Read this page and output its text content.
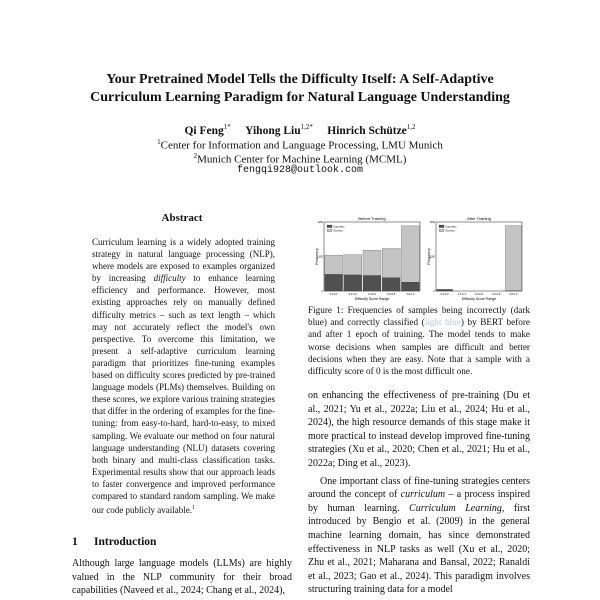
Your Pretrained Model Tells the Difficulty Itself: A Self-Adaptive
Curriculum Learning Paradigm for Natural Language Understanding
Qi Feng$^{1*}$ Yihong Liu$^{1,2*}$ Hinrich Schütze$^{1,2}$
$^1$Center for Information and Language Processing, LMU Munich
$^2$Munich Center for Machine Learning (MCML)
fengqi928@outlook.com
Abstract
Curriculum learning is a widely adopted training strategy in natural language processing (NLP), where models are exposed to examples organized by increasing difficulty to enhance learning efficiency and performance. However, most existing approaches rely on manually defined difficulty metrics – such as text length – which may not accurately reflect the model's own perspective. To overcome this limitation, we present a self-adaptive curriculum learning paradigm that prioritizes fine-tuning examples based on difficulty scores predicted by pre-trained language models (PLMs) themselves. Building on these scores, we explore various training strategies that differ in the ordering of examples for the fine-tuning: from easy-to-hard, hard-to-easy, to mixed sampling. We evaluate our method on four natural language understanding (NLU) datasets covering both binary and multi-class classification tasks. Experimental results show that our approach leads to faster convergence and improved performance compared to standard random sampling. We make our code publicly available.$^1$
1 Introduction
Although large language models (LLMs) are highly valued in the NLP community for their broad capabilities (Naveed et al., 2024; Chang et al., 2024),
Before Training
Difficulty Score Range
Frequency
Incorrect
Correct
0.0-0.2	0.2-0.4	0.4-0.6	0.6-0.8	0.8-1.0
0
625
1250
After Training
Difficulty Score Range
Frequency
Incorrect
Correct
0.0-0.2	0.2-0.4	0.4-0.6	0.6-0.8	0.8-1.0
0
1300
2600
Figure 1: Frequencies of samples being incorrectly (dark blue) and correctly classified (light blue) by BERT before and after 1 epoch of training. The model tends to make worse decisions when samples are difficult and better decisions when they are easy. Note that a sample with a difficulty score of 0 is the most difficult one.

on enhancing the effectiveness of pre-training (Du et al., 2021; Yu et al., 2022a; Liu et al., 2024; Hu et al., 2024), the high resource demands of this stage make it more practical to instead develop improved fine-tuning strategies (Xu et al., 2020; Chen et al., 2021; Hu et al., 2022a; Ding et al., 2023).

One important class of fine-tuning strategies centers around the concept of curriculum – a process inspired by human learning. Curriculum Learning, first introduced by Bengio et al. (2009) in the general machine learning domain, has since demonstrated effectiveness in NLP tasks as well (Xu et al., 2020; Zhu et al., 2021; Maharana and Bansal, 2022; Ranaldi et al., 2023; Gao et al., 2024). This paradigm involves structuring training data for a model
